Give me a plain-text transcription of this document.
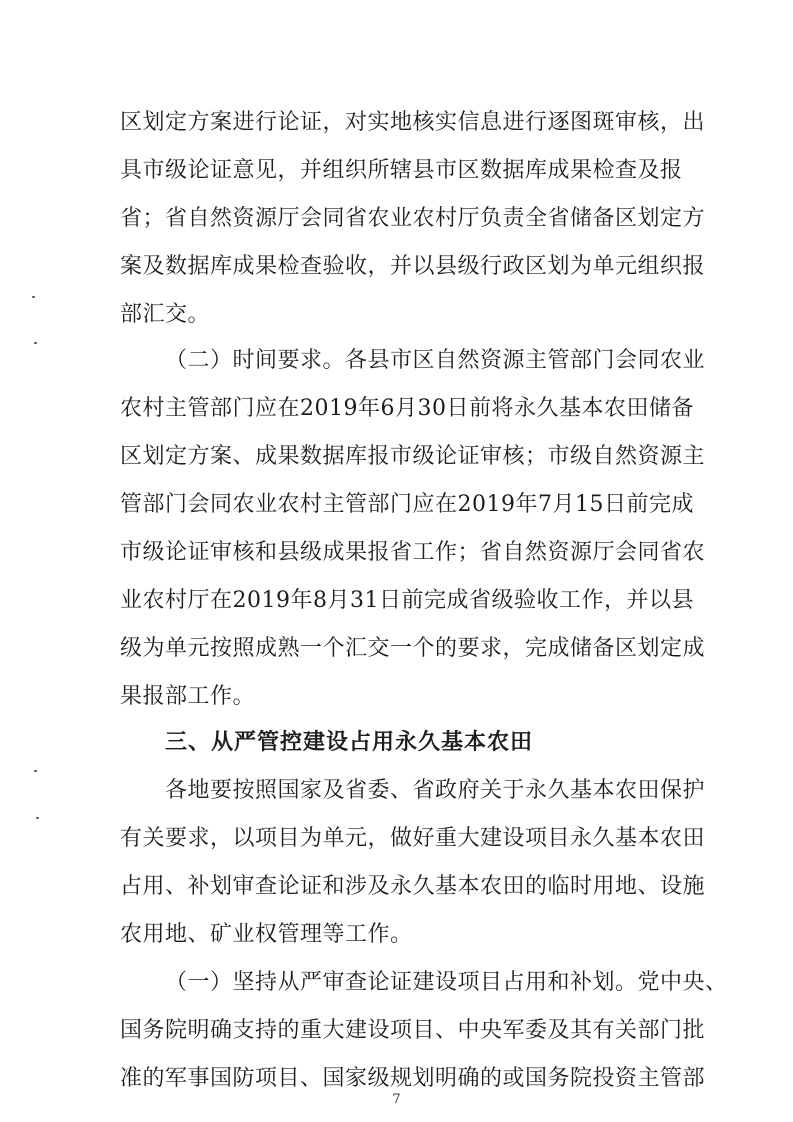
区划定方案进行论证，对实地核实信息进行逐图斑审核，出
具市级论证意见，并组织所辖县市区数据库成果检查及报
省；省自然资源厅会同省农业农村厅负责全省储备区划定方
案及数据库成果检查验收，并以县级行政区划为单元组织报
部汇交。
（二）时间要求。各县市区自然资源主管部门会同农业
农村主管部门应在2019年6月30日前将永久基本农田储备
区划定方案、成果数据库报市级论证审核；市级自然资源主
管部门会同农业农村主管部门应在2019年7月15日前完成
市级论证审核和县级成果报省工作；省自然资源厅会同省农
业农村厅在2019年8月31日前完成省级验收工作，并以县
级为单元按照成熟一个汇交一个的要求，完成储备区划定成
果报部工作。
三、从严管控建设占用永久基本农田
各地要按照国家及省委、省政府关于永久基本农田保护
有关要求，以项目为单元，做好重大建设项目永久基本农田
占用、补划审查论证和涉及永久基本农田的临时用地、设施
农用地、矿业权管理等工作。
（一）坚持从严审查论证建设项目占用和补划。党中央、
国务院明确支持的重大建设项目、中央军委及其有关部门批
准的军事国防项目、国家级规划明确的或国务院投资主管部
7
